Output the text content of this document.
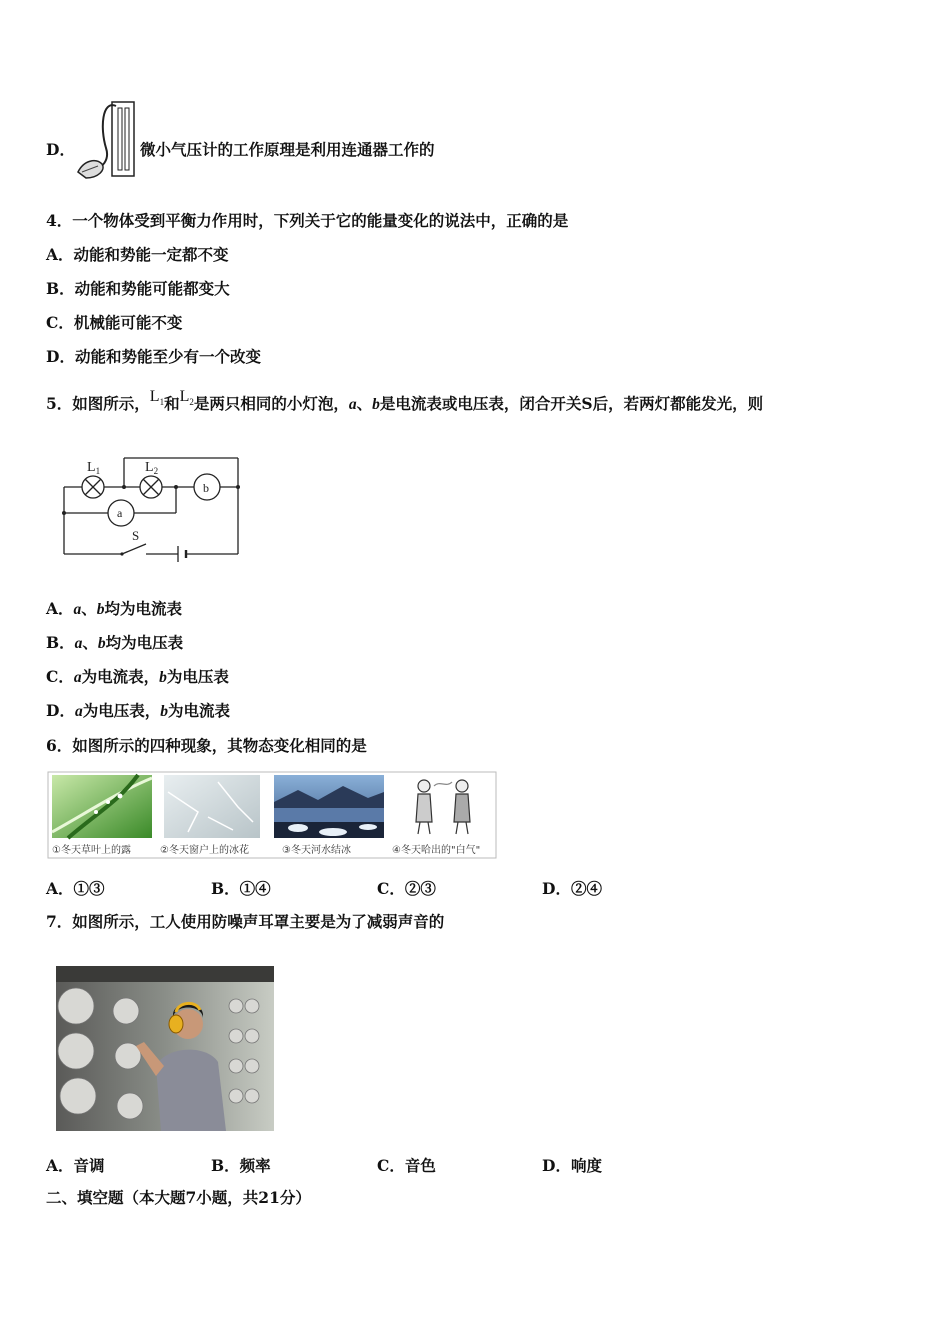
D．	微小气压计的工作原理是利用连通器工作的
4．一个物体受到平衡力作用时，下列关于它的能量变化的说法中，正确的是
A．动能和势能一定都不变
B．动能和势能可能都变大
C．机械能可能不变
D．动能和势能至少有一个改变
5．如图所示，$L_1$和$L_2$是两只相同的小灯泡，a、b是电流表或电压表，闭合开关S后，若两灯都能发光，则
$L_1$	$L_2$
b
a
S
A．a、b均为电流表
B．a、b均为电压表
C．a为电流表，b为电压表
D．a为电压表，b为电流表
6．如图所示的四种现象，其物态变化相同的是
①冬天草叶上的露	②冬天窗户上的冰花	③冬天河水结冰	④冬天哈出的"白气"
A．①③	B．①④	C．②③	D．②④
7．如图所示，工人使用防噪声耳罩主要是为了减弱声音的
A．音调	B．频率	C．音色	D．响度
二、填空题（本大题7小题，共21分）
